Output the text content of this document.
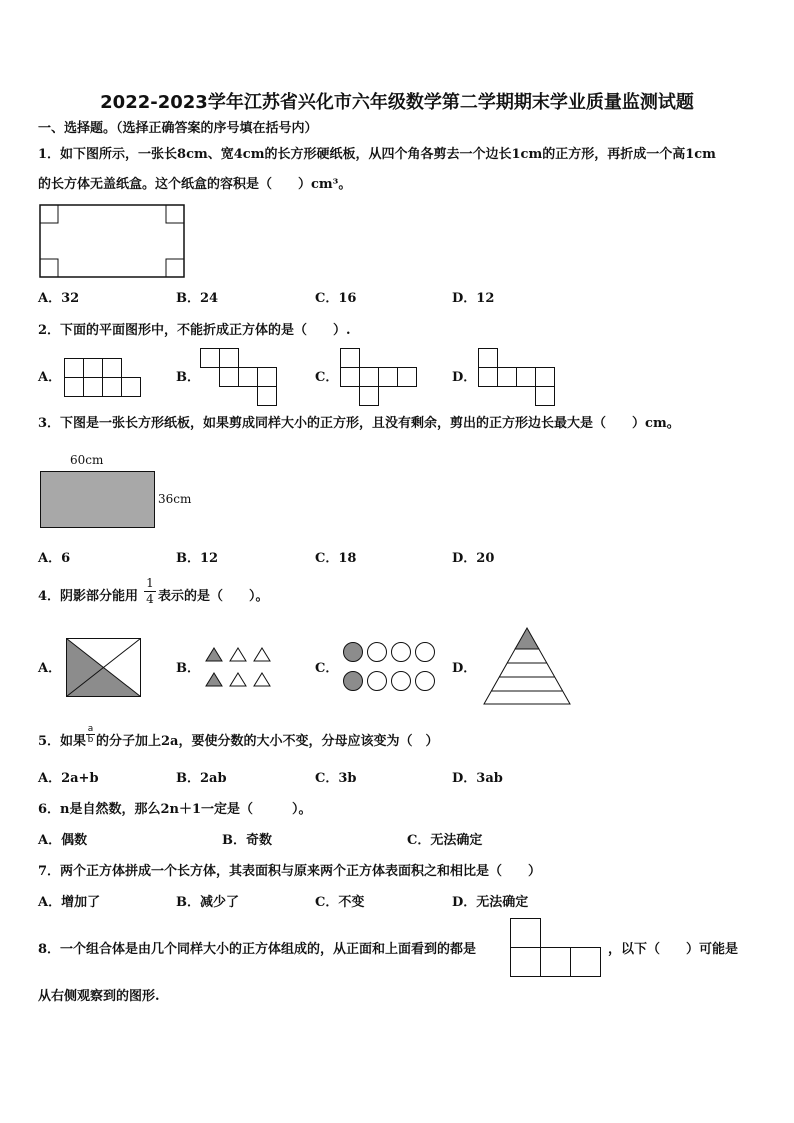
2022-2023学年江苏省兴化市六年级数学第二学期期末学业质量监测试题
一、选择题。（选择正确答案的序号填在括号内）
1．如下图所示，一张长8cm、宽4cm的长方形硬纸板，从四个角各剪去一个边长1cm的正方形，再折成一个高1cm
的长方体无盖纸盒。这个纸盒的容积是（　　）cm³。
A．32	B．24	C．16	D．12
2．下面的平面图形中，不能折成正方体的是（　　）.
A．	B．	C．	D．
3．下图是一张长方形纸板，如果剪成同样大小的正方形，且没有剩余，剪出的正方形边长最大是（　　）cm。
60cm
36cm
A．6	B．12	C．18	D．20
4．阴影部分能用
1
4 表示的是（　　）。
A．	B．	C．	D．
5．如果
a
b 的分子加上2a，要使分数的大小不变，分母应该变为（　）
A．2a+b	B．2ab	C．3b	D．3ab
6．n是自然数，那么2n＋1一定是（　　　）。
A．偶数	B．奇数	C．无法确定
7．两个正方体拼成一个长方体，其表面积与原来两个正方体表面积之和相比是（　　）
A．增加了	B．减少了	C．不变	D．无法确定
8．一个组合体是由几个同样大小的正方体组成的，从正面和上面看到的都是	，以下（　　）可能是
从右侧观察到的图形.
